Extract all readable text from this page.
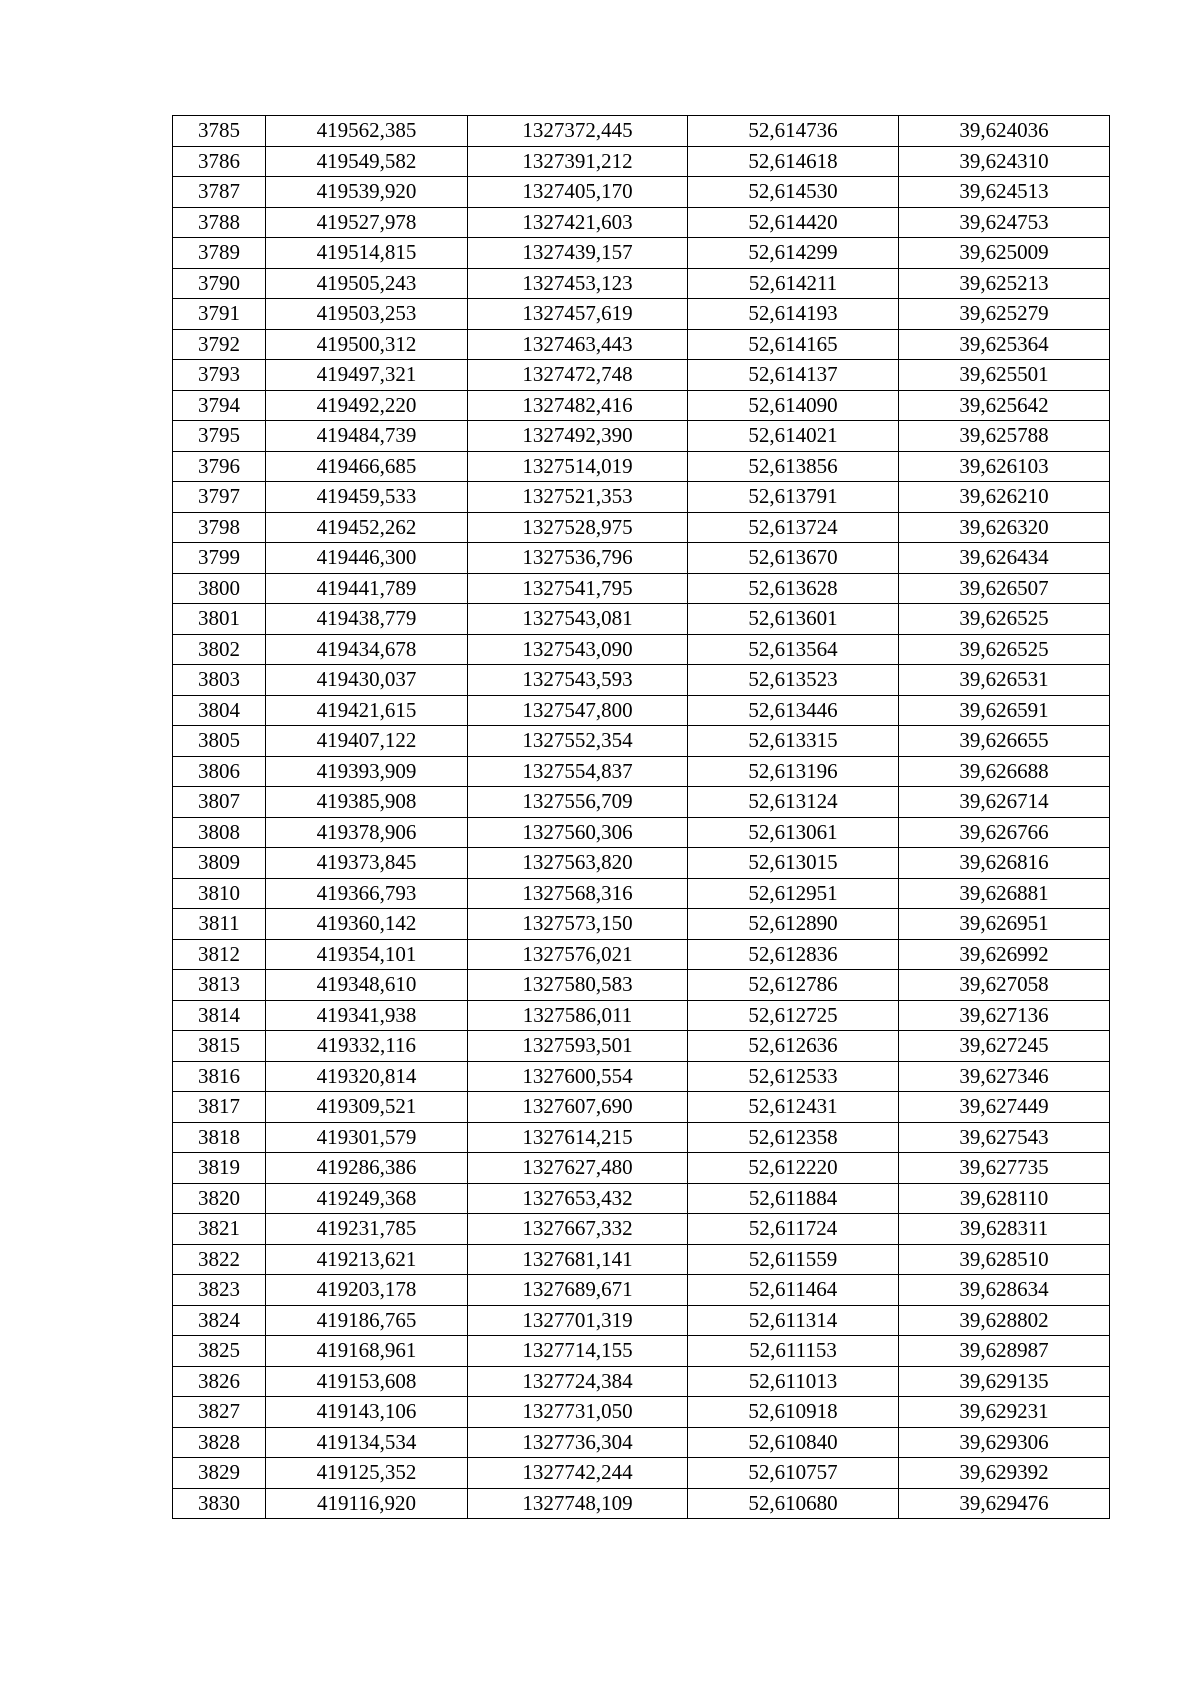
3785	419562,385	1327372,445	52,614736	39,624036
3786	419549,582	1327391,212	52,614618	39,624310
3787	419539,920	1327405,170	52,614530	39,624513
3788	419527,978	1327421,603	52,614420	39,624753
3789	419514,815	1327439,157	52,614299	39,625009
3790	419505,243	1327453,123	52,614211	39,625213
3791	419503,253	1327457,619	52,614193	39,625279
3792	419500,312	1327463,443	52,614165	39,625364
3793	419497,321	1327472,748	52,614137	39,625501
3794	419492,220	1327482,416	52,614090	39,625642
3795	419484,739	1327492,390	52,614021	39,625788
3796	419466,685	1327514,019	52,613856	39,626103
3797	419459,533	1327521,353	52,613791	39,626210
3798	419452,262	1327528,975	52,613724	39,626320
3799	419446,300	1327536,796	52,613670	39,626434
3800	419441,789	1327541,795	52,613628	39,626507
3801	419438,779	1327543,081	52,613601	39,626525
3802	419434,678	1327543,090	52,613564	39,626525
3803	419430,037	1327543,593	52,613523	39,626531
3804	419421,615	1327547,800	52,613446	39,626591
3805	419407,122	1327552,354	52,613315	39,626655
3806	419393,909	1327554,837	52,613196	39,626688
3807	419385,908	1327556,709	52,613124	39,626714
3808	419378,906	1327560,306	52,613061	39,626766
3809	419373,845	1327563,820	52,613015	39,626816
3810	419366,793	1327568,316	52,612951	39,626881
3811	419360,142	1327573,150	52,612890	39,626951
3812	419354,101	1327576,021	52,612836	39,626992
3813	419348,610	1327580,583	52,612786	39,627058
3814	419341,938	1327586,011	52,612725	39,627136
3815	419332,116	1327593,501	52,612636	39,627245
3816	419320,814	1327600,554	52,612533	39,627346
3817	419309,521	1327607,690	52,612431	39,627449
3818	419301,579	1327614,215	52,612358	39,627543
3819	419286,386	1327627,480	52,612220	39,627735
3820	419249,368	1327653,432	52,611884	39,628110
3821	419231,785	1327667,332	52,611724	39,628311
3822	419213,621	1327681,141	52,611559	39,628510
3823	419203,178	1327689,671	52,611464	39,628634
3824	419186,765	1327701,319	52,611314	39,628802
3825	419168,961	1327714,155	52,611153	39,628987
3826	419153,608	1327724,384	52,611013	39,629135
3827	419143,106	1327731,050	52,610918	39,629231
3828	419134,534	1327736,304	52,610840	39,629306
3829	419125,352	1327742,244	52,610757	39,629392
3830	419116,920	1327748,109	52,610680	39,629476
